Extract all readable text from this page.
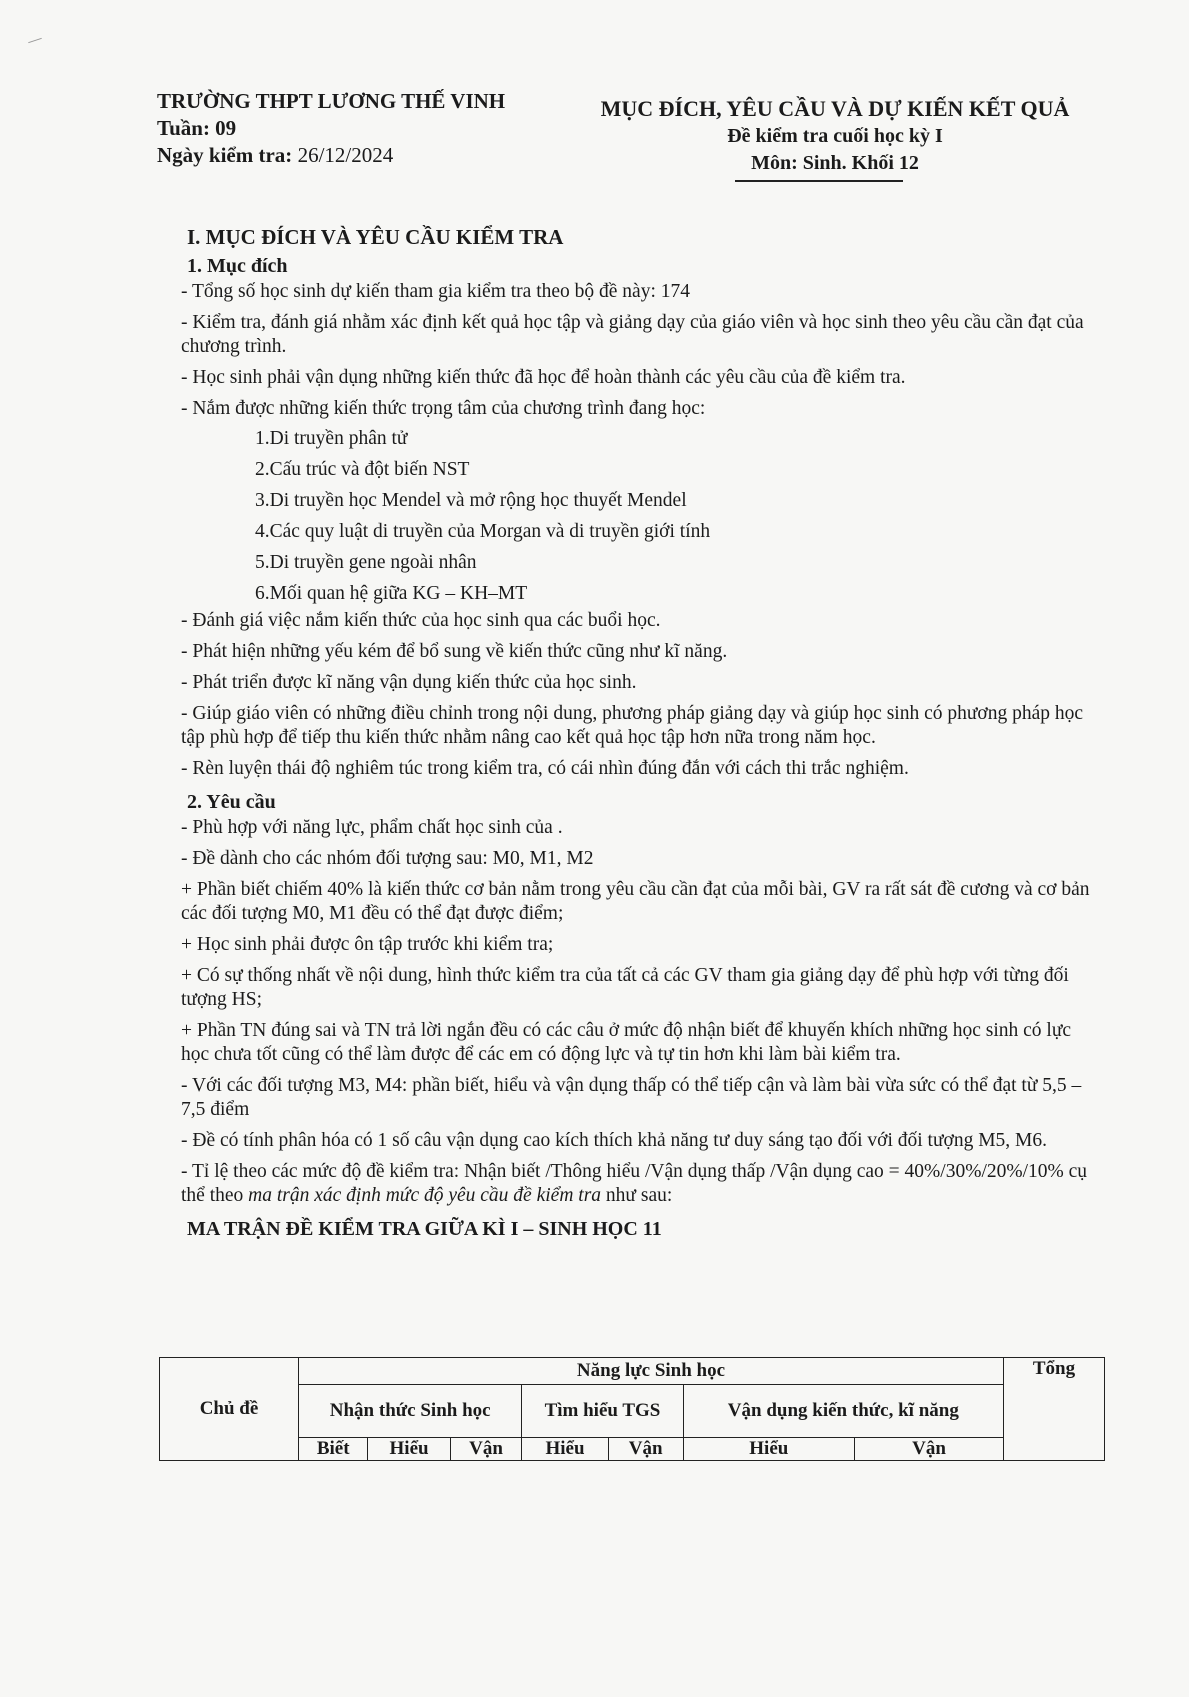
TRƯỜNG THPT LƯƠNG THẾ VINH
Tuần: 09
Ngày kiểm tra: 26/12/2024
MỤC ĐÍCH, YÊU CẦU VÀ DỰ KIẾN KẾT QUẢ
Đề kiểm tra cuối học kỳ I
Môn: Sinh. Khối 12

I. MỤC ĐÍCH VÀ YÊU CẦU KIỂM TRA

1. Mục đích

- Tổng số học sinh dự kiến tham gia kiểm tra theo bộ đề này: 174

- Kiểm tra, đánh giá nhằm xác định kết quả học tập và giảng dạy của giáo viên và học sinh theo yêu cầu cần đạt của chương trình.

- Học sinh phải vận dụng những kiến thức đã học để hoàn thành các yêu cầu của đề kiểm tra.

- Nắm được những kiến thức trọng tâm của chương trình đang học:

1.Di truyền phân tử

2.Cấu trúc và đột biến NST

3.Di truyền học Mendel và mở rộng học thuyết Mendel

4.Các quy luật di truyền của Morgan và di truyền giới tính

5.Di truyền gene ngoài nhân

6.Mối quan hệ giữa KG – KH–MT

- Đánh giá việc nắm kiến thức của học sinh qua các buổi học.

- Phát hiện những yếu kém để bổ sung về kiến thức cũng như kĩ năng.

- Phát triển được kĩ năng vận dụng kiến thức của học sinh.

- Giúp giáo viên có những điều chỉnh trong nội dung, phương pháp giảng dạy và giúp học sinh có phương pháp học tập phù hợp để tiếp thu kiến thức nhằm nâng cao kết quả học tập hơn nữa trong năm học.

- Rèn luyện thái độ nghiêm túc trong kiểm tra, có cái nhìn đúng đắn với cách thi trắc nghiệm.

2. Yêu cầu

- Phù hợp với năng lực, phẩm chất học sinh của .

- Đề dành cho các nhóm đối tượng sau: M0, M1, M2

+ Phần biết chiếm 40% là kiến thức cơ bản nằm trong yêu cầu cần đạt của mỗi bài, GV ra rất sát đề cương và cơ bản các đối tượng M0, M1 đều có thể đạt được điểm;

+ Học sinh phải được ôn tập trước khi kiểm tra;

+ Có sự thống nhất về nội dung, hình thức kiểm tra của tất cả các GV tham gia giảng dạy để phù hợp với từng đối tượng HS;

+ Phần TN đúng sai và TN trả lời ngắn đều có các câu ở mức độ nhận biết để khuyến khích những học sinh có lực học chưa tốt cũng có thể làm được để các em có động lực và tự tin hơn khi làm bài kiểm tra.

- Với các đối tượng M3, M4: phần biết, hiểu và vận dụng thấp có thể tiếp cận và làm bài vừa sức có thể đạt từ 5,5 – 7,5 điểm

- Đề có tính phân hóa có 1 số câu vận dụng cao kích thích khả năng tư duy sáng tạo đối với đối tượng M5, M6.

- Tỉ lệ theo các mức độ đề kiểm tra: Nhận biết /Thông hiểu /Vận dụng thấp /Vận dụng cao = 40%/30%/20%/10% cụ thể theo ma trận xác định mức độ yêu cầu đề kiểm tra như sau:

MA TRẬN ĐỀ KIỂM TRA GIỮA KÌ I – SINH HỌC 11

Chủ đề	Năng lực Sinh học							Tổng
	Nhận thức Sinh học			Tìm hiểu TGS		Vận dụng kiến thức, kĩ năng		
	Biết	Hiểu	Vận	Hiểu	Vận	Hiểu	Vận	
